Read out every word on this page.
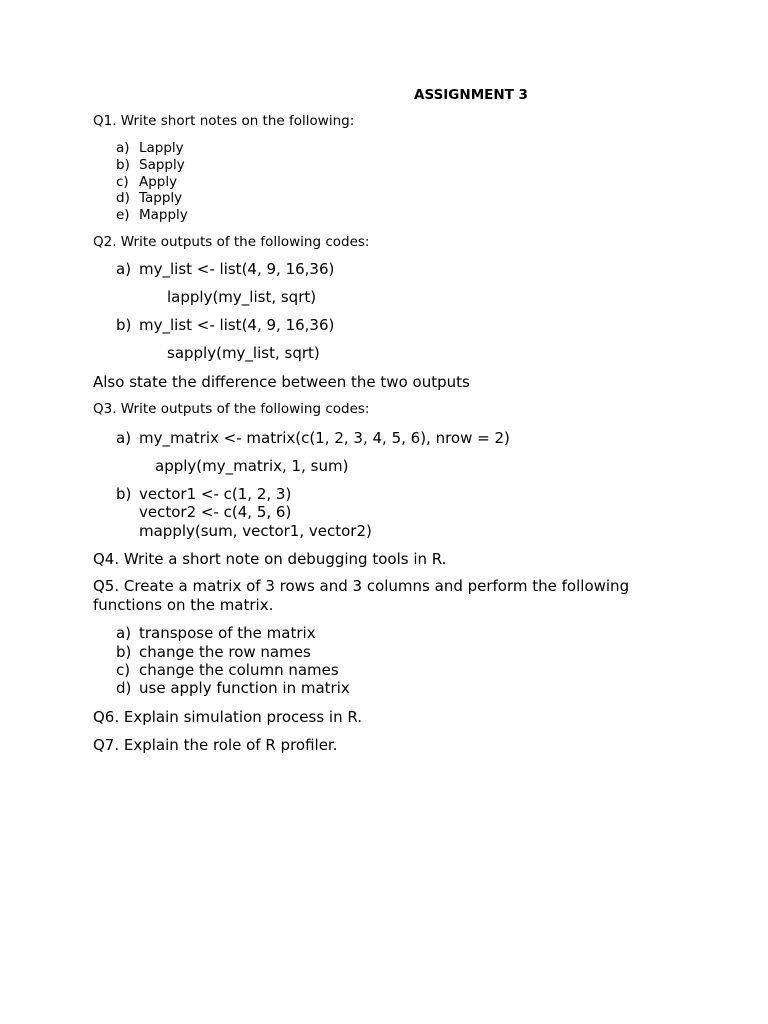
ASSIGNMENT 3
Q1. Write short notes on the following:
a) Lapply
b) Sapply
c) Apply
d) Tapply
e) Mapply
Q2. Write outputs of the following codes:
a) my_list <- list(4, 9, 16,36)
lapply(my_list, sqrt)
b) my_list <- list(4, 9, 16,36)
sapply(my_list, sqrt)
Also state the difference between the two outputs
Q3. Write outputs of the following codes:
a) my_matrix <- matrix(c(1, 2, 3, 4, 5, 6), nrow = 2)
apply(my_matrix, 1, sum)
b) vector1 <- c(1, 2, 3)
vector2 <- c(4, 5, 6)
mapply(sum, vector1, vector2)
Q4. Write a short note on debugging tools in R.
Q5. Create a matrix of 3 rows and 3 columns and perform the following functions on the matrix.
a) transpose of the matrix
b) change the row names
c) change the column names
d) use apply function in matrix
Q6. Explain simulation process in R.
Q7. Explain the role of R profiler.
